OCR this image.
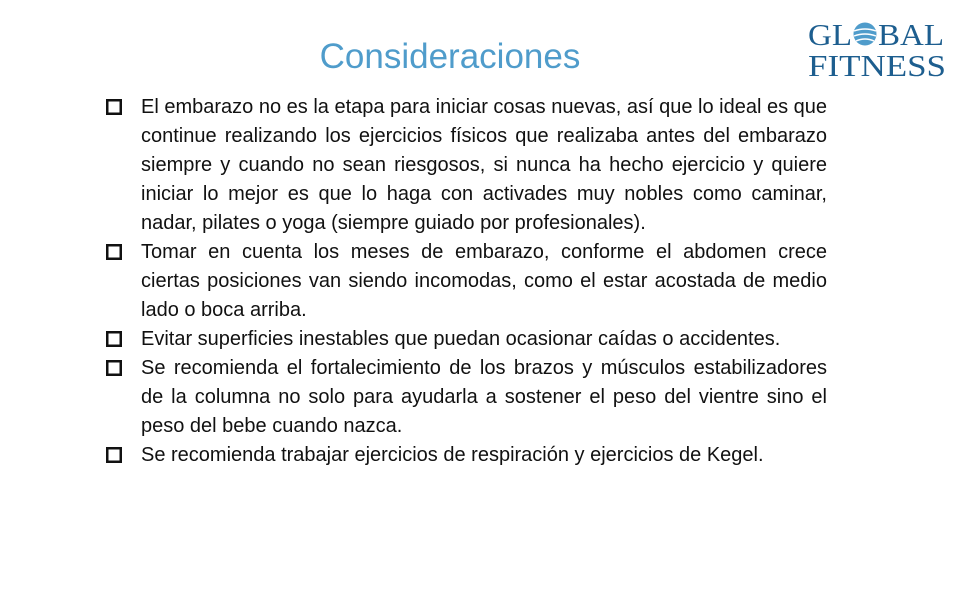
Consideraciones
GL BAL
FITNESS
El embarazo no es la etapa para iniciar cosas nuevas, así que lo ideal es que continue realizando los ejercicios físicos que realizaba antes del embarazo siempre y cuando no sean riesgosos, si nunca ha hecho ejercicio y quiere iniciar lo mejor es que lo haga con activades muy nobles como caminar, nadar, pilates o yoga (siempre guiado por profesionales).
Tomar en cuenta los meses de embarazo, conforme el abdomen crece ciertas posiciones van siendo incomodas, como el estar acostada de medio lado o boca arriba.
Evitar superficies inestables que puedan ocasionar caídas o accidentes.
Se recomienda el fortalecimiento de los brazos y músculos estabilizadores de la columna no solo para ayudarla a sostener el peso del vientre sino el peso del bebe cuando nazca.
Se recomienda trabajar ejercicios de respiración y ejercicios de Kegel.
